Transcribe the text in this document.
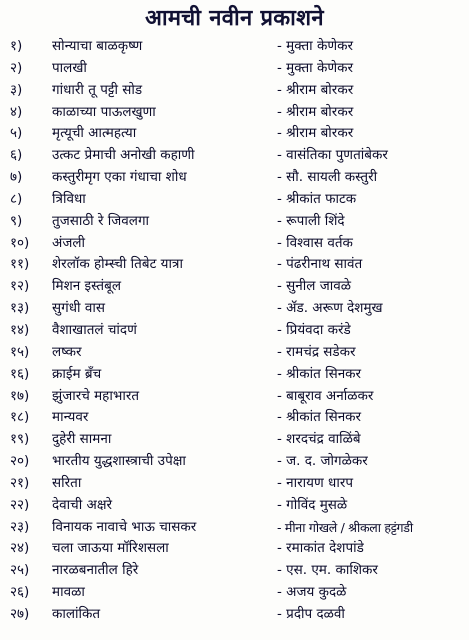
आमची नवीन प्रकाशने
१)	सोन्याचा बाळकृष्ण	- मुक्ता केणेकर
२)	पालखी	- मुक्ता केणेकर
३)	गांधारी तू पट्टी सोड	- श्रीराम बोरकर
४)	काळाच्या पाऊलखुणा	- श्रीराम बोरकर
५)	मृत्यूची आत्महत्या	- श्रीराम बोरकर
६)	उत्कट प्रेमाची अनोखी कहाणी	- वासंतिका पुणतांबेकर
७)	कस्तुरीमृग एका गंधाचा शोध	- सौ. सायली कस्तुरी
८)	त्रिविधा	- श्रीकांत फाटक
९)	तुजसाठी रे जिवलगा	- रूपाली शिंदे
१०)	अंजली	- विश्वास वर्तक
११)	शेरलॉक होम्स्ची तिबेट यात्रा	- पंढरीनाथ सावंत
१२)	मिशन इस्तंबूल	- सुनील जावळे
१३)	सुगंधी वास	- ॲड. अरूण देशमुख
१४)	वैशाखातलं चांदणं	- प्रियंवदा करंडे
१५)	लष्कर	- रामचंद्र सडेकर
१६)	क्राईम ब्रँच	- श्रीकांत सिनकर
१७)	झुंजारचे महाभारत	- बाबूराव अर्नाळकर
१८)	मान्यवर	- श्रीकांत सिनकर
१९)	दुहेरी सामना	- शरदचंद्र वाळिंबे
२०)	भारतीय युद्धशास्त्राची उपेक्षा	- ज. द. जोगळेकर
२१)	सरिता	- नारायण धारप
२२)	देवाची अक्षरे	- गोविंद मुसळे
२३)	विनायक नावाचे भाऊ चासकर	- मीना गोखले / श्रीकला हट्टंगडी
२४)	चला जाऊया मॉरिशसला	- रमाकांत देशपांडे
२५)	नारळबनातील हिरे	- एस. एम. काशिकर
२६)	मावळा	- अजय कुदळे
२७)	कालांकित	- प्रदीप दळवी
